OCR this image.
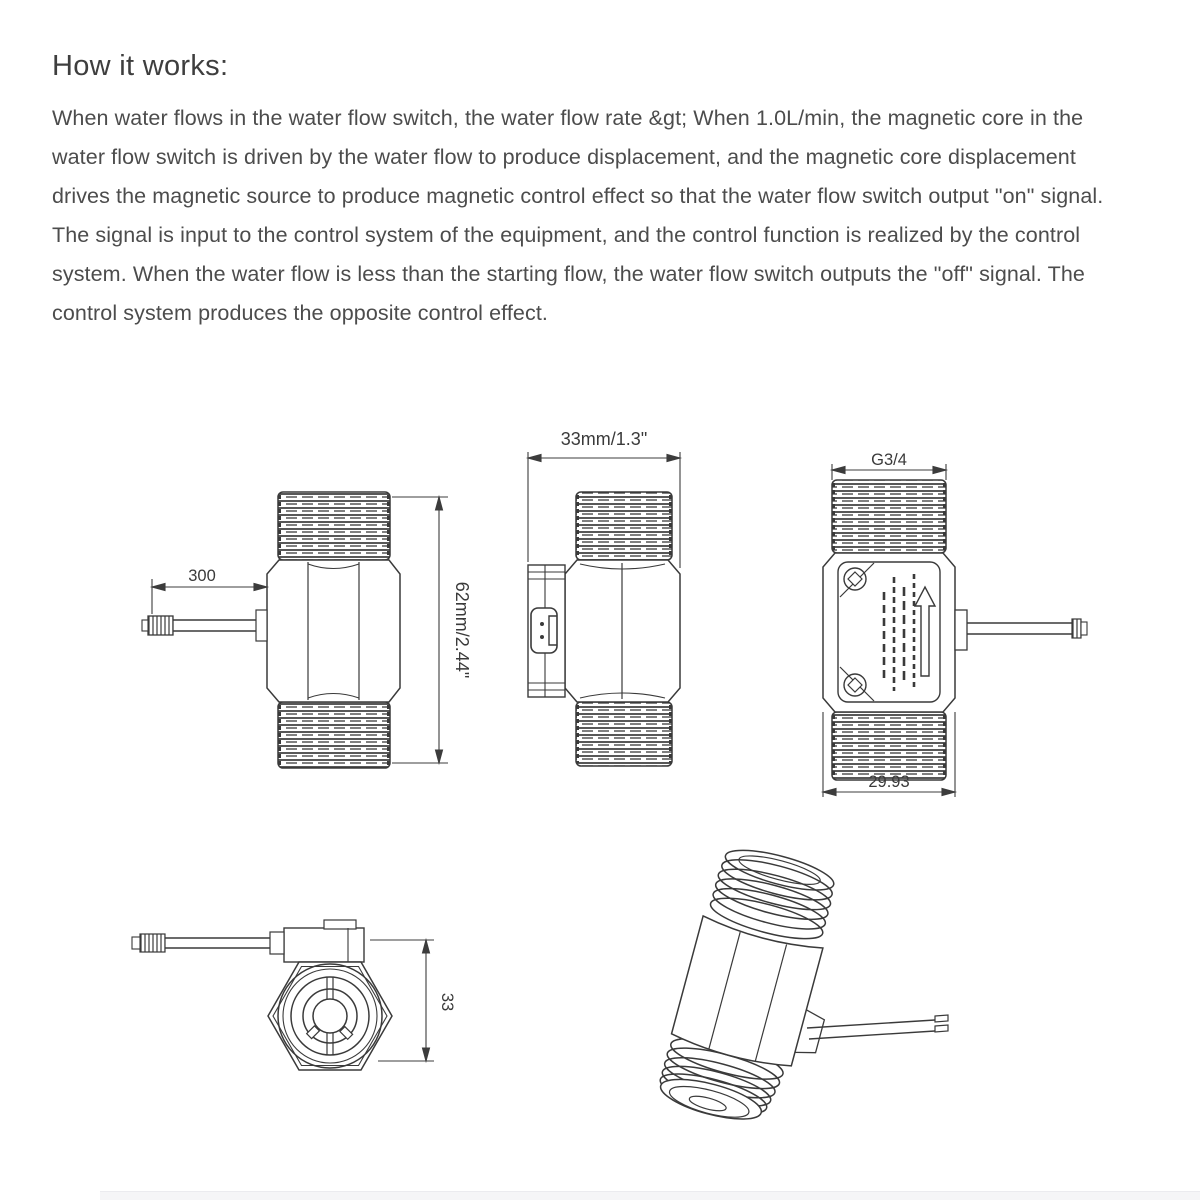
How it works:
When water flows in the water flow switch, the water flow rate &gt; When 1.0L/min, the magnetic core in the water flow switch is driven by the water flow to produce displacement, and the magnetic core displacement drives the magnetic source to produce magnetic control effect so that the water flow switch output "on" signal. The signal is input to the control system of the equipment, and the control function is realized by the control system. When the water flow is less than the starting flow, the water flow switch outputs the "off" signal. The control system produces the opposite control effect.
300
62mm/2.44"
33mm/1.3"
G3/4
29.93
33
